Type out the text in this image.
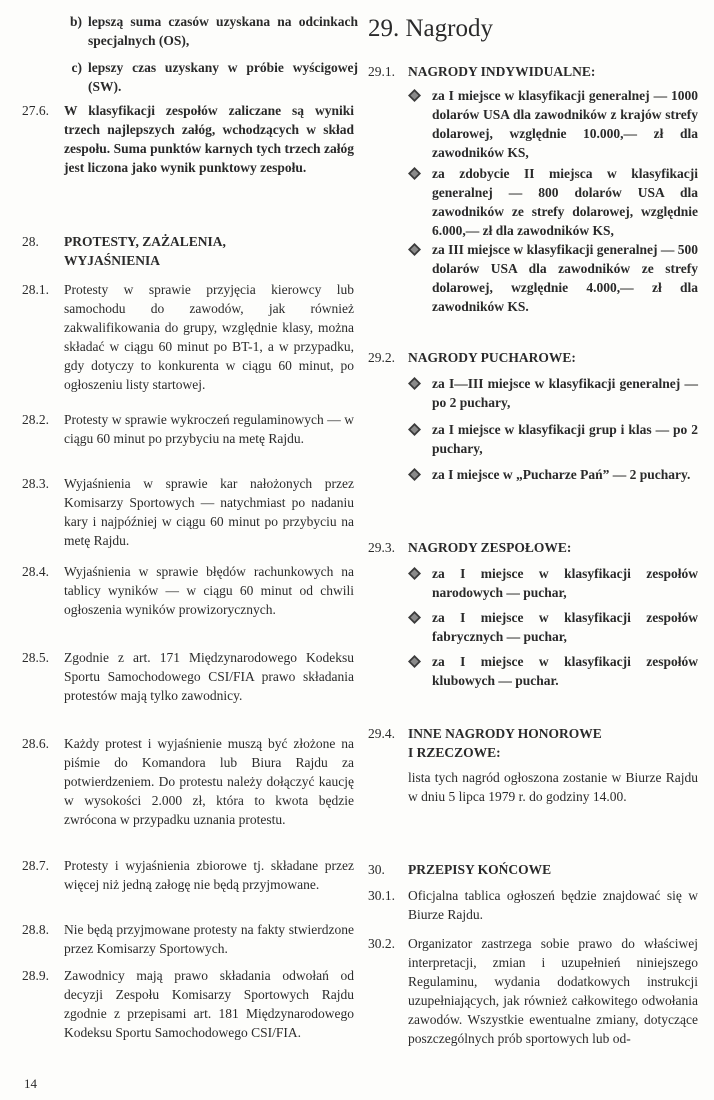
b) lepszą suma czasów uzyskana na odcinkach specjalnych (OS),
c) lepszy czas uzyskany w próbie wyścigowej (SW).
27.6.	W klasyfikacji zespołów zaliczane są wyniki trzech najlepszych załóg, wchodzących w skład zespołu. Suma punktów karnych tych trzech załóg jest liczona jako wynik punktowy zespołu.
28.	PROTESTY, ZAŻALENIA, WYJAŚNIENIA
28.1.	Protesty w sprawie przyjęcia kierowcy lub samochodu do zawodów, jak również zakwalifikowania do grupy, względnie klasy, można składać w ciągu 60 minut po BT-1, a w przypadku, gdy dotyczy to konkurenta w ciągu 60 minut, po ogłoszeniu listy startowej.
28.2.	Protesty w sprawie wykroczeń regulaminowych — w ciągu 60 minut po przybyciu na metę Rajdu.
28.3.	Wyjaśnienia w sprawie kar nałożonych przez Komisarzy Sportowych — natychmiast po nadaniu kary i najpóźniej w ciągu 60 minut po przybyciu na metę Rajdu.
28.4.	Wyjaśnienia w sprawie błędów rachunkowych na tablicy wyników — w ciągu 60 minut od chwili ogłoszenia wyników prowizorycznych.
28.5.	Zgodnie z art. 171 Międzynarodowego Kodeksu Sportu Samochodowego CSI/FIA prawo składania protestów mają tylko zawodnicy.
28.6.	Każdy protest i wyjaśnienie muszą być złożone na piśmie do Komandora lub Biura Rajdu za potwierdzeniem. Do protestu należy dołączyć kaucję w wysokości 2.000 zł, która to kwota będzie zwrócona w przypadku uznania protestu.
28.7.	Protesty i wyjaśnienia zbiorowe tj. składane przez więcej niż jedną załogę nie będą przyjmowane.
28.8.	Nie będą przyjmowane protesty na fakty stwierdzone przez Komisarzy Sportowych.
28.9.	Zawodnicy mają prawo składania odwołań od decyzji Zespołu Komisarzy Sportowych Rajdu zgodnie z przepisami art. 181 Międzynarodowego Kodeksu Sportu Samochodowego CSI/FIA.
29. Nagrody
29.1. NAGRODY INDYWIDUALNE:
za I miejsce w klasyfikacji generalnej — 1000 dolarów USA dla zawodników z krajów strefy dolarowej, względnie 10.000,— zł dla zawodników KS,
za zdobycie II miejsca w klasyfikacji generalnej — 800 dolarów USA dla zawodników ze strefy dolarowej, względnie 6.000,— zł dla zawodników KS,
za III miejsce w klasyfikacji generalnej — 500 dolarów USA dla zawodników ze strefy dolarowej, względnie 4.000,— zł dla zawodników KS.
29.2. NAGRODY PUCHAROWE:
za I—III miejsce w klasyfikacji generalnej — po 2 puchary,
za I miejsce w klasyfikacji grup i klas — po 2 puchary,
za I miejsce w „Pucharze Pań” — 2 puchary.
29.3. NAGRODY ZESPOŁOWE:
za I miejsce w klasyfikacji zespołów narodowych — puchar,
za I miejsce w klasyfikacji zespołów fabrycznych — puchar,
za I miejsce w klasyfikacji zespołów klubowych — puchar.
29.4. INNE NAGRODY HONOROWE
I RZECZOWE:
lista tych nagród ogłoszona zostanie w Biurze Rajdu w dniu 5 lipca 1979 r. do godziny 14.00.
30.	PRZEPISY KOŃCOWE
30.1. Oficjalna tablica ogłoszeń będzie znajdować się w Biurze Rajdu.
30.2. Organizator zastrzega sobie prawo do właściwej interpretacji, zmian i uzupełnień niniejszego Regulaminu, wydania dodatkowych instrukcji uzupełniających, jak również całkowitego odwołania zawodów. Wszystkie ewentualne zmiany, dotyczące poszczególnych prób sportowych lub od-
14
